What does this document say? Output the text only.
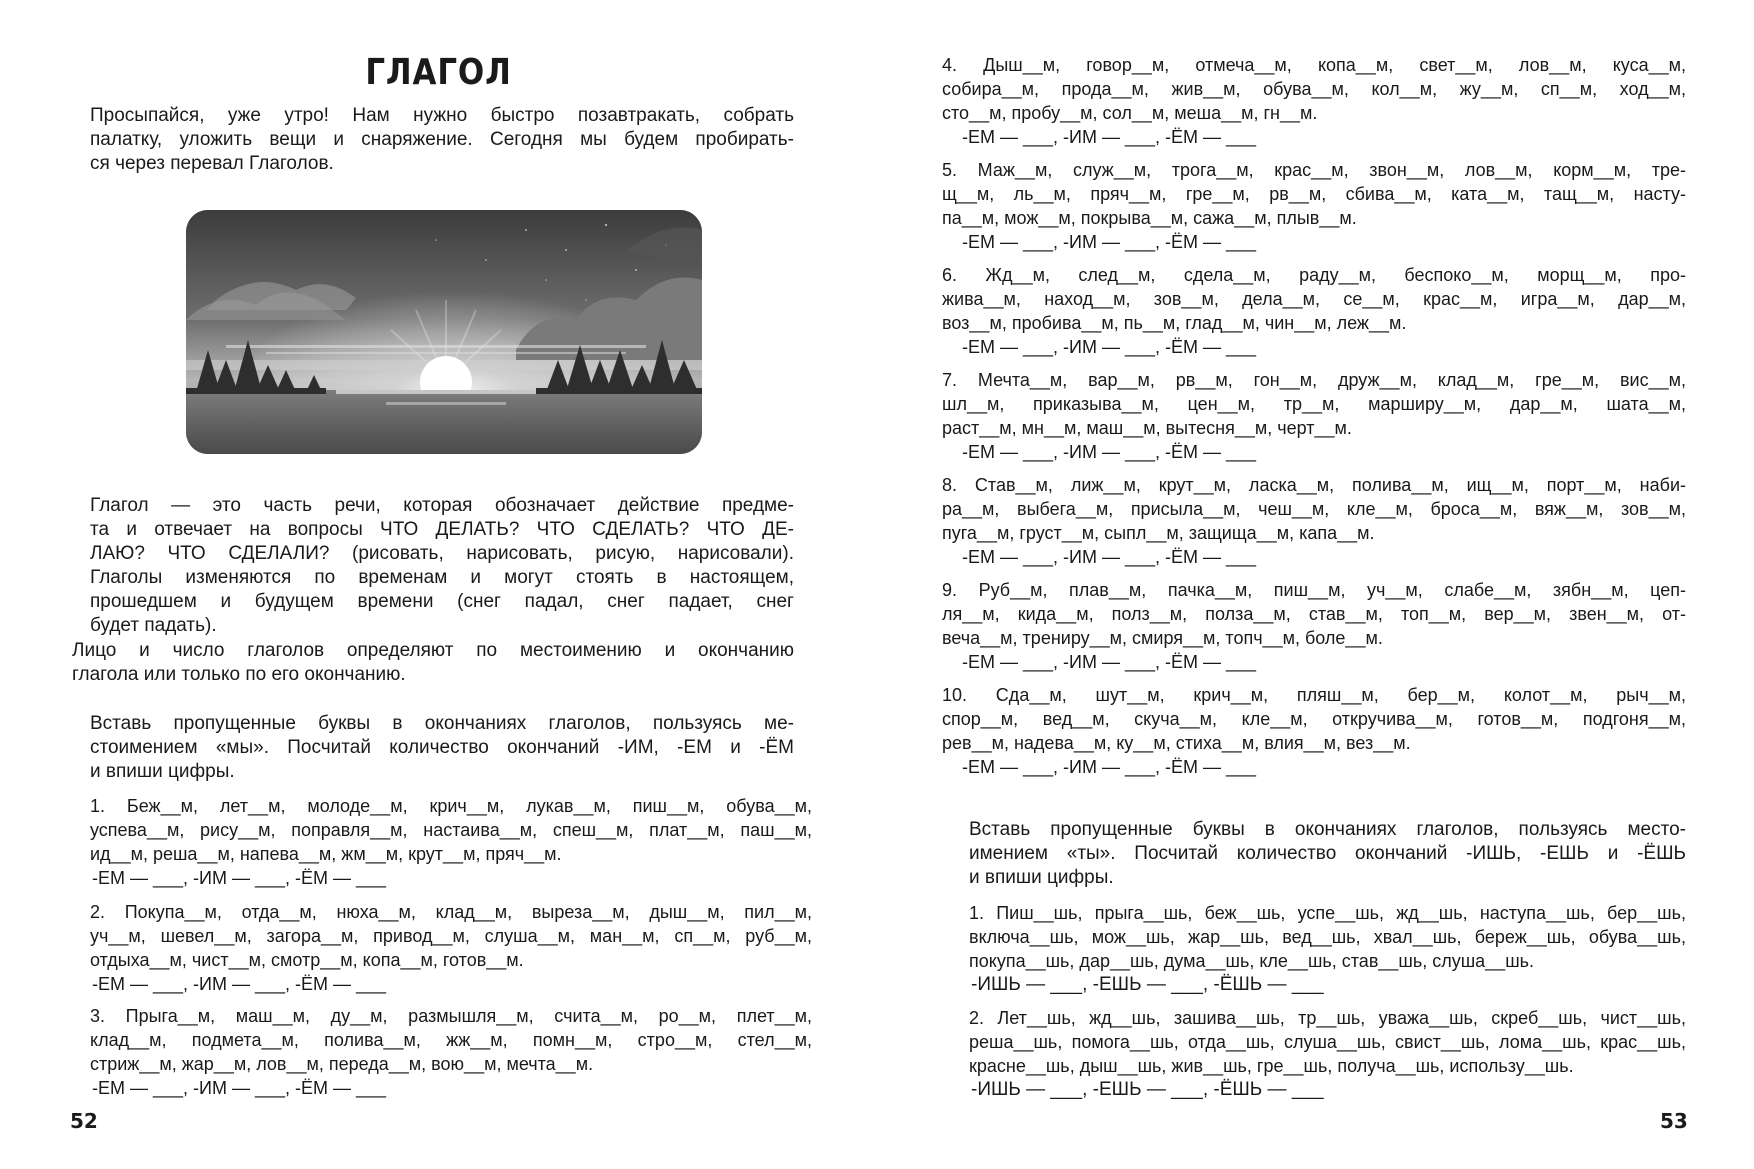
ГЛАГОЛ
Просыпайся, уже утро! Нам нужно быстро позавтракать, собрать
палатку, уложить вещи и снаряжение. Сегодня мы будем пробирать-
ся через перевал Глаголов.
Глагол — это часть речи, которая обозначает действие предме-
та и отвечает на вопросы ЧТО ДЕЛАТЬ? ЧТО СДЕЛАТЬ? ЧТО ДЕ-
ЛАЮ? ЧТО СДЕЛАЛИ? (рисовать, нарисовать, рисую, нарисовали).
Глаголы изменяются по временам и могут стоять в настоящем,
прошедшем и будущем времени (снег падал, снег падает, снег
будет падать).
Лицо и число глаголов определяют по местоимению и окончанию
глагола или только по его окончанию.
Вставь пропущенные буквы в окончаниях глаголов, пользуясь ме-
стоимением «мы». Посчитай количество окончаний -ИМ, -ЕМ и -ЁМ
и впиши цифры.
1. Беж__м, лет__м, молоде__м, крич__м, лукав__м, пиш__м, обува__м,
успева__м, рису__м, поправля__м, настаива__м, спеш__м, плат__м, паш__м,
ид__м, реша__м, напева__м, жм__м, крут__м, пряч__м.
-ЕМ — ___, -ИМ — ___, -ЁМ — ___
2. Покупа__м, отда__м, нюха__м, клад__м, выреза__м, дыш__м, пил__м,
уч__м, шевел__м, загора__м, привод__м, слуша__м, ман__м, сп__м, руб__м,
отдыха__м, чист__м, смотр__м, копа__м, готов__м.
-ЕМ — ___, -ИМ — ___, -ЁМ — ___
3. Прыга__м, маш__м, ду__м, размышля__м, счита__м, ро__м, плет__м,
клад__м, подмета__м, полива__м, жж__м, помн__м, стро__м, стел__м,
стриж__м, жар__м, лов__м, передa__м, вою__м, мечта__м.
-ЕМ — ___, -ИМ — ___, -ЁМ — ___
52
4. Дыш__м, говор__м, отмеча__м, копа__м, свет__м, лов__м, куса__м,
собира__м, прода__м, жив__м, обува__м, кол__м, жу__м, сп__м, ход__м,
сто__м, пробу__м, сол__м, меша__м, гн__м.
-ЕМ — ___, -ИМ — ___, -ЁМ — ___
5. Маж__м, служ__м, трога__м, крас__м, звон__м, лов__м, корм__м, тре-
щ__м, ль__м, пряч__м, гре__м, рв__м, сбива__м, ката__м, тащ__м, насту-
па__м, мож__м, покрыва__м, сажа__м, плыв__м.
-ЕМ — ___, -ИМ — ___, -ЁМ — ___
6. Жд__м, след__м, сдела__м, раду__м, беспоко__м, морщ__м, про-
жива__м, наход__м, зов__м, дела__м, се__м, крас__м, игра__м, дар__м,
воз__м, пробива__м, пь__м, глад__м, чин__м, леж__м.
-ЕМ — ___, -ИМ — ___, -ЁМ — ___
7. Мечта__м, вар__м, рв__м, гон__м, друж__м, клад__м, гре__м, вис__м,
шл__м, приказыва__м, цен__м, тр__м, марширу__м, дар__м, шата__м,
раст__м, мн__м, маш__м, вытесня__м, черт__м.
-ЕМ — ___, -ИМ — ___, -ЁМ — ___
8. Став__м, лиж__м, крут__м, ласка__м, полива__м, ищ__м, порт__м, наби-
ра__м, выбега__м, присыла__м, чеш__м, кле__м, броса__м, вяж__м, зов__м,
пуга__м, груст__м, сыпл__м, защища__м, капа__м.
-ЕМ — ___, -ИМ — ___, -ЁМ — ___
9. Руб__м, плав__м, пачка__м, пиш__м, уч__м, слабе__м, зябн__м, цеп-
ля__м, кида__м, полз__м, полза__м, став__м, топ__м, вер__м, звен__м, от-
веча__м, трениру__м, смиря__м, топч__м, боле__м.
-ЕМ — ___, -ИМ — ___, -ЁМ — ___
10. Сда__м, шут__м, крич__м, пляш__м, бер__м, колот__м, рыч__м,
спор__м, вед__м, скуча__м, кле__м, откручива__м, готов__м, подгоня__м,
рев__м, надева__м, ку__м, стиха__м, влия__м, вез__м.
-ЕМ — ___, -ИМ — ___, -ЁМ — ___
Вставь пропущенные буквы в окончаниях глаголов, пользуясь место-
имением «ты». Посчитай количество окончаний -ИШЬ, -ЕШЬ и -ЁШЬ
и впиши цифры.
1. Пиш__шь, прыга__шь, беж__шь, успе__шь, жд__шь, наступа__шь, бер__шь,
включа__шь, мож__шь, жар__шь, вед__шь, хвал__шь, береж__шь, обува__шь,
покупа__шь, дар__шь, дума__шь, кле__шь, став__шь, слуша__шь.
-ИШЬ — ___, -ЕШЬ — ___, -ЁШЬ — ___
2. Лет__шь, жд__шь, зашива__шь, тр__шь, уважа__шь, скреб__шь, чист__шь,
реша__шь, помога__шь, отда__шь, слуша__шь, свист__шь, лома__шь, крас__шь,
красне__шь, дыш__шь, жив__шь, гре__шь, получа__шь, использу__шь.
-ИШЬ — ___, -ЕШЬ — ___, -ЁШЬ — ___
53
